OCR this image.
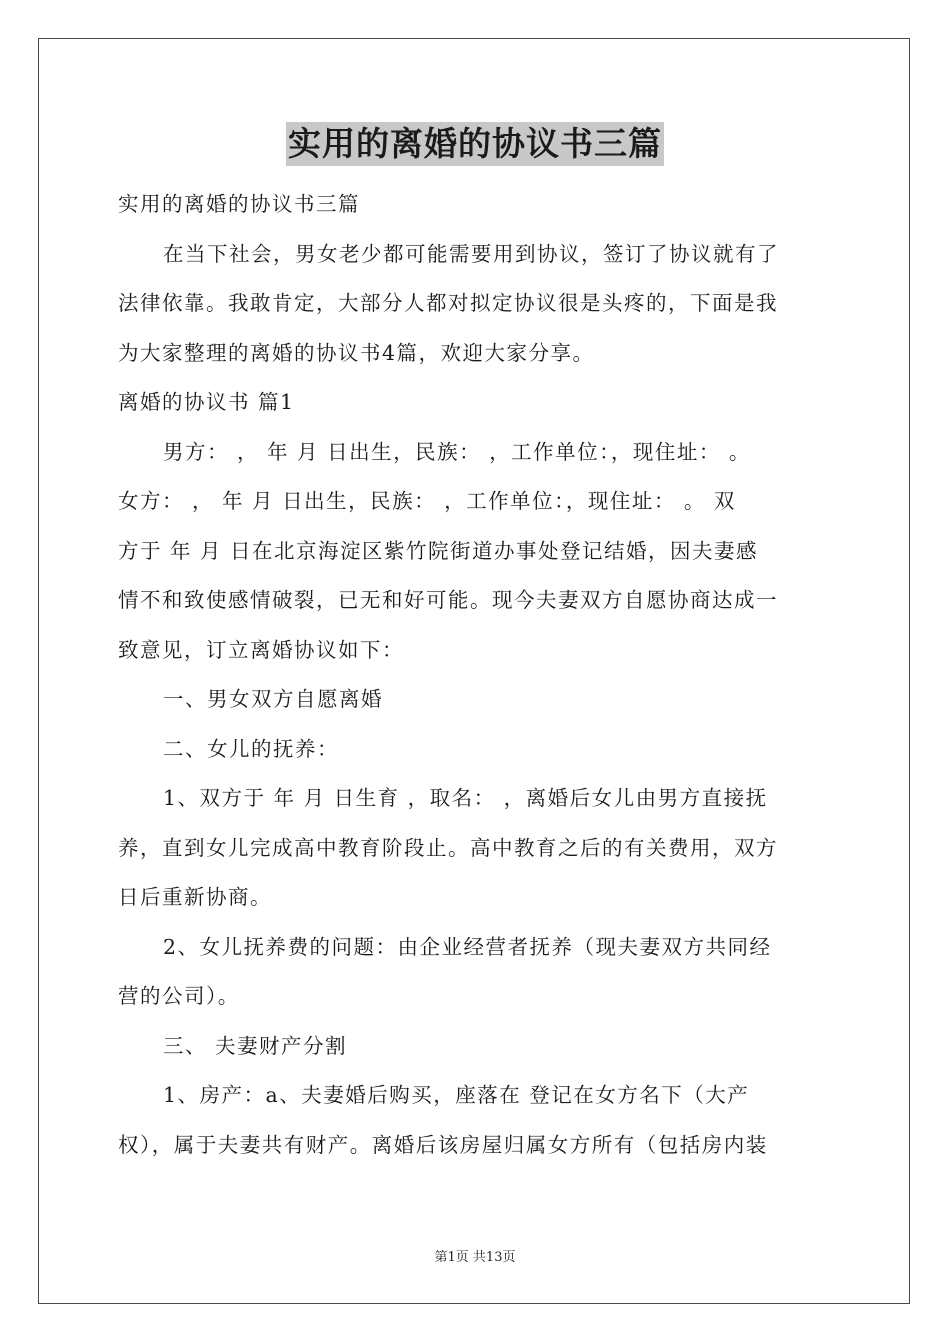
实用的离婚的协议书三篇
实用的离婚的协议书三篇
在当下社会，男女老少都可能需要用到协议，签订了协议就有了
法律依靠。我敢肯定，大部分人都对拟定协议很是头疼的，下面是我
为大家整理的离婚的协议书4篇，欢迎大家分享。
离婚的协议书 篇1
男方： ， 年 月 日出生，民族： ，工作单位：，现住址： 。
女方： ， 年 月 日出生，民族： ，工作单位：，现住址： 。 双
方于 年 月 日在北京海淀区紫竹院街道办事处登记结婚，因夫妻感
情不和致使感情破裂，已无和好可能。现今夫妻双方自愿协商达成一
致意见，订立离婚协议如下：
一、男女双方自愿离婚
二、女儿的抚养：
1、双方于 年 月 日生育 ，取名： ，离婚后女儿由男方直接抚
养，直到女儿完成高中教育阶段止。高中教育之后的有关费用，双方
日后重新协商。
2、女儿抚养费的问题：由企业经营者抚养（现夫妻双方共同经
营的公司）。
三、 夫妻财产分割
1、房产：a、夫妻婚后购买，座落在 登记在女方名下（大产
权），属于夫妻共有财产。离婚后该房屋归属女方所有（包括房内装
第1页 共13页
